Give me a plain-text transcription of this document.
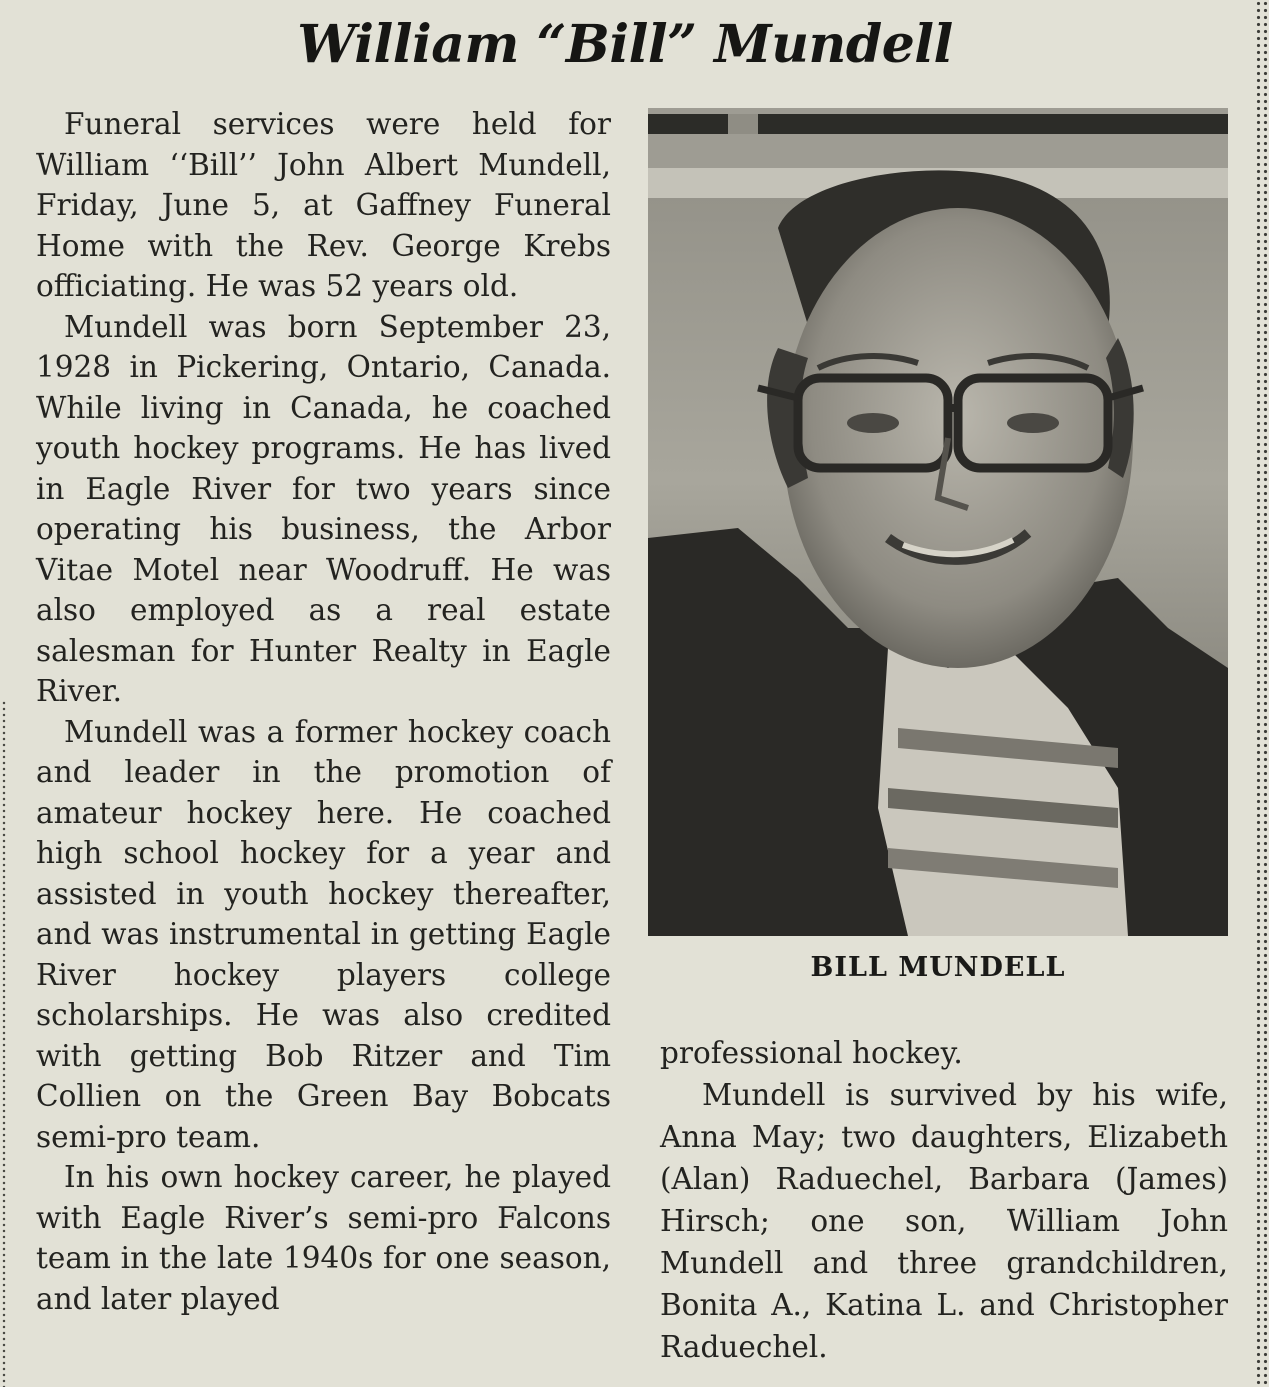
William “Bill” Mundell

Funeral services were held for William ‘‘Bill’’ John Albert Mundell, Friday, June 5, at Gaffney Funeral Home with the Rev. George Krebs officiating. He was 52 years old.

Mundell was born September 23, 1928 in Pickering, Ontario, Canada. While living in Canada, he coached youth hockey programs. He has lived in Eagle River for two years since operating his business, the Arbor Vitae Motel near Woodruff. He was also employed as a real estate salesman for Hunter Realty in Eagle River.

Mundell was a former hockey coach and leader in the promotion of amateur hockey here. He coached high school hockey for a year and assisted in youth hockey thereafter, and was instrumental in getting Eagle River hockey players college scholarships. He was also credited with getting Bob Ritzer and Tim Collien on the Green Bay Bobcats semi-pro team.

In his own hockey career, he played with Eagle River’s semi-pro Falcons team in the late 1940s for one season, and later played

BILL MUNDELL

professional hockey.

Mundell is survived by his wife, Anna May; two daughters, Elizabeth (Alan) Raduechel, Barbara (James) Hirsch; one son, William John Mundell and three grandchildren, Bonita A., Katina L. and Christopher Raduechel.
